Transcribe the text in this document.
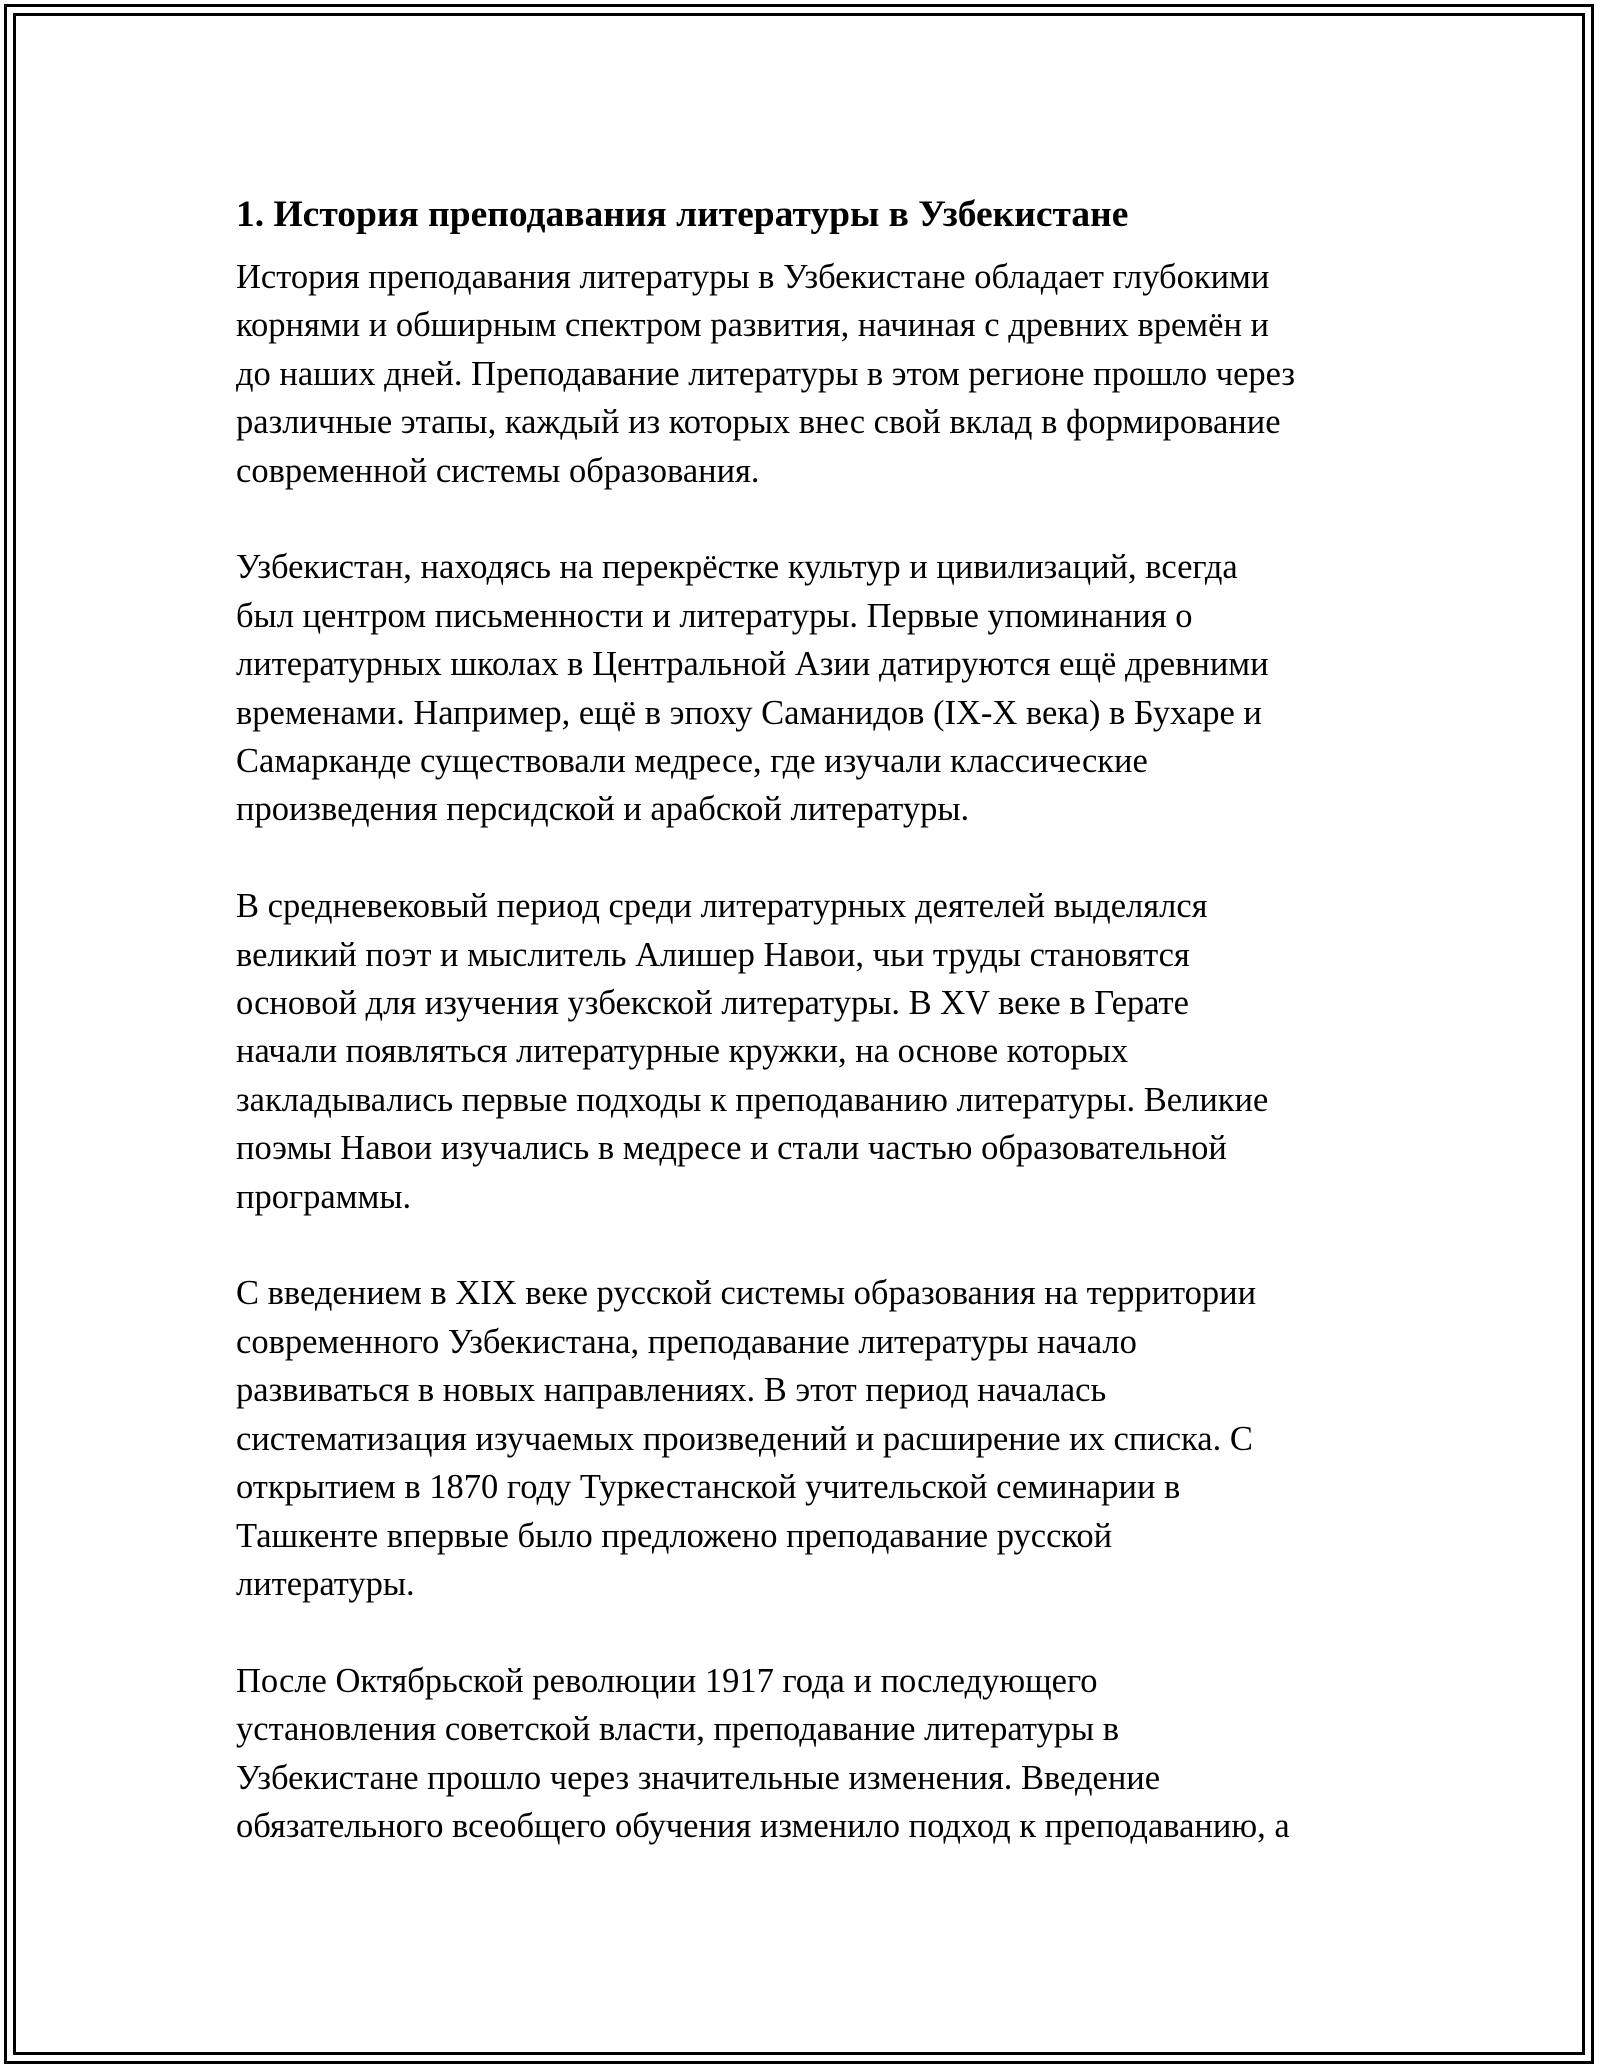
1. История преподавания литературы в Узбекистане

История преподавания литературы в Узбекистане обладает глубокими
корнями и обширным спектром развития, начиная с древних времён и
до наших дней. Преподавание литературы в этом регионе прошло через
различные этапы, каждый из которых внес свой вклад в формирование
современной системы образования.

Узбекистан, находясь на перекрёстке культур и цивилизаций, всегда
был центром письменности и литературы. Первые упоминания о
литературных школах в Центральной Азии датируются ещё древними
временами. Например, ещё в эпоху Саманидов (IX-X века) в Бухаре и
Самарканде существовали медресе, где изучали классические
произведения персидской и арабской литературы.

В средневековый период среди литературных деятелей выделялся
великий поэт и мыслитель Алишер Навои, чьи труды становятся
основой для изучения узбекской литературы. В XV веке в Герате
начали появляться литературные кружки, на основе которых
закладывались первые подходы к преподаванию литературы. Великие
поэмы Навои изучались в медресе и стали частью образовательной
программы.

С введением в XIX веке русской системы образования на территории
современного Узбекистана, преподавание литературы начало
развиваться в новых направлениях. В этот период началась
систематизация изучаемых произведений и расширение их списка. С
открытием в 1870 году Туркестанской учительской семинарии в
Ташкенте впервые было предложено преподавание русской
литературы.

После Октябрьской революции 1917 года и последующего
установления советской власти, преподавание литературы в
Узбекистане прошло через значительные изменения. Введение
обязательного всеобщего обучения изменило подход к преподаванию, а
